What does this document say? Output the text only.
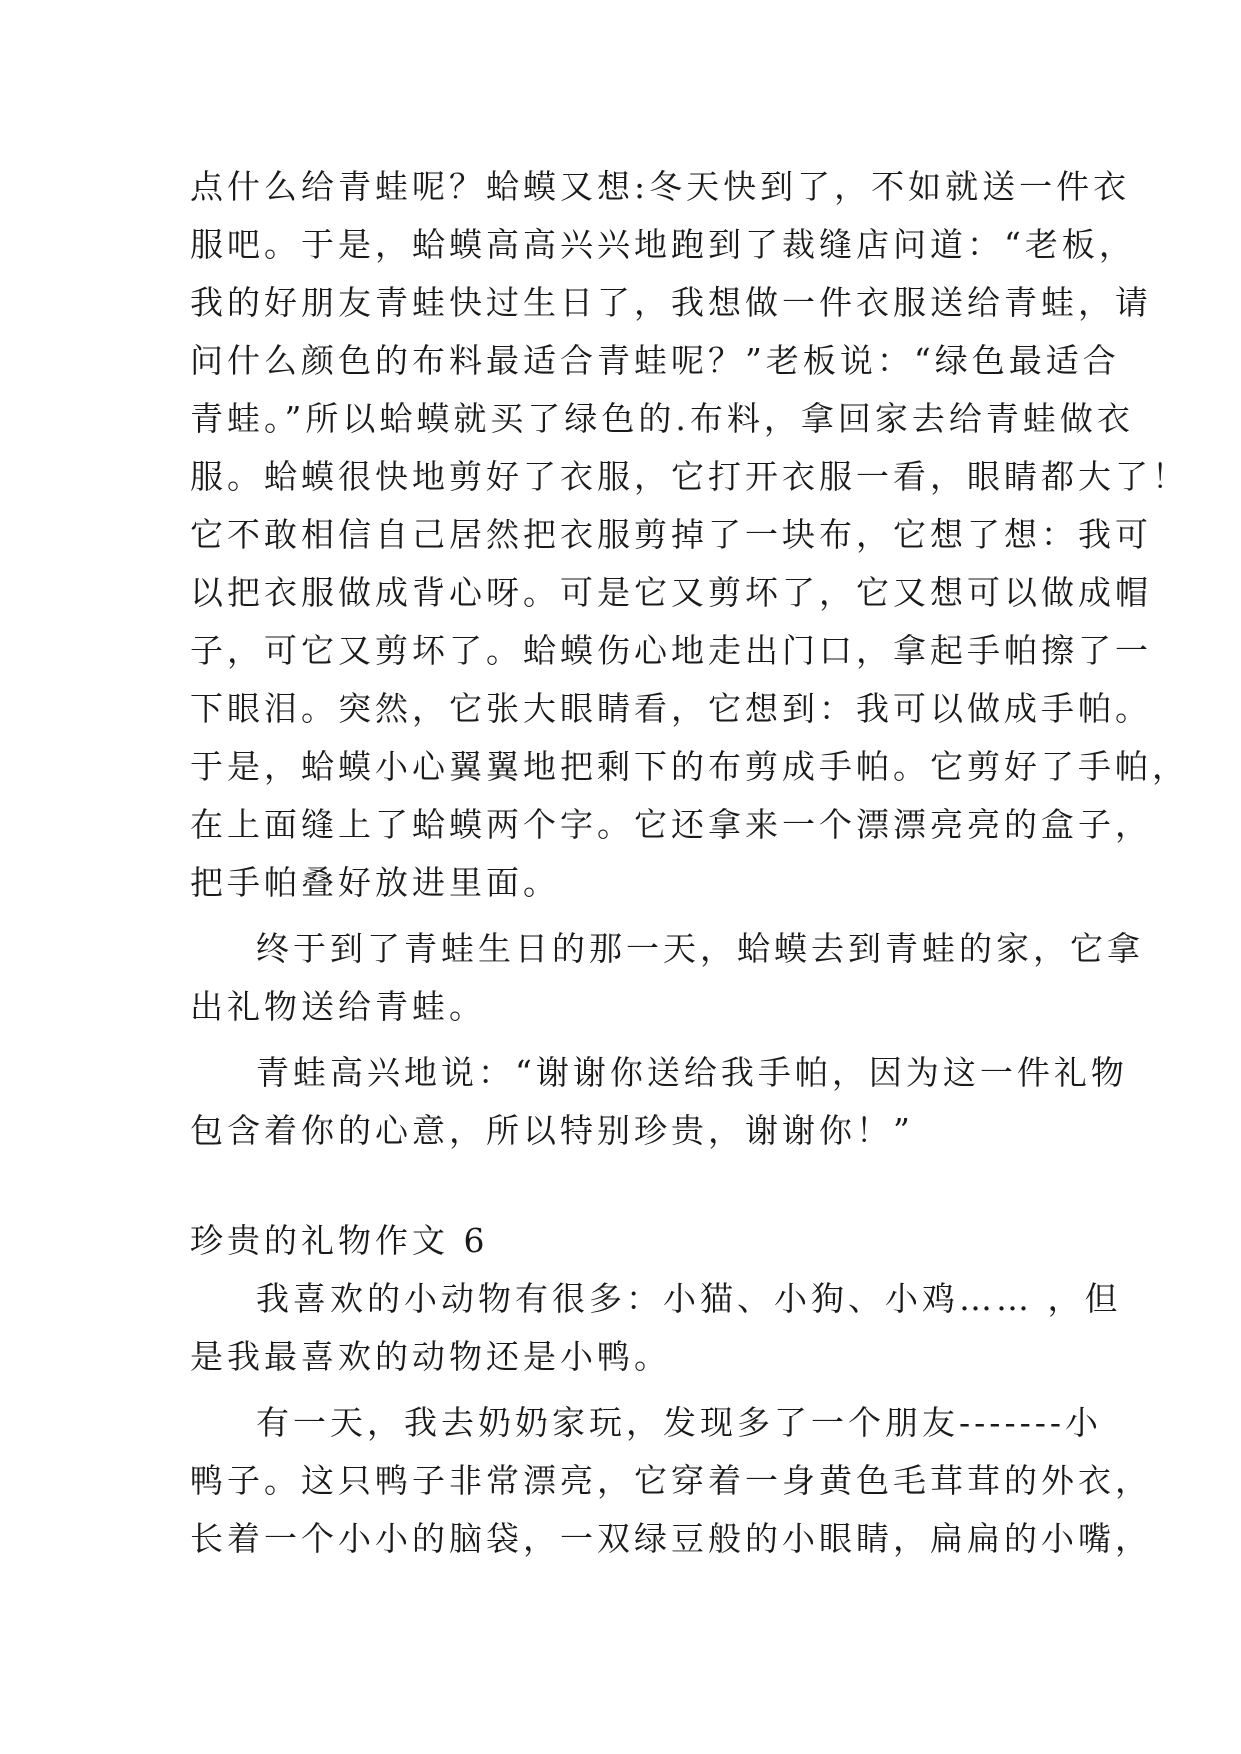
点什么给青蛙呢？蛤蟆又想:冬天快到了，不如就送一件衣
服吧。于是，蛤蟆高高兴兴地跑到了裁缝店问道：“老板，
我的好朋友青蛙快过生日了，我想做一件衣服送给青蛙，请
问什么颜色的布料最适合青蛙呢？”老板说：“绿色最适合
青蛙。”所以蛤蟆就买了绿色的.布料，拿回家去给青蛙做衣
服。蛤蟆很快地剪好了衣服，它打开衣服一看，眼睛都大了！
它不敢相信自己居然把衣服剪掉了一块布，它想了想：我可
以把衣服做成背心呀。可是它又剪坏了，它又想可以做成帽
子，可它又剪坏了。蛤蟆伤心地走出门口，拿起手帕擦了一
下眼泪。突然，它张大眼睛看，它想到：我可以做成手帕。
于是，蛤蟆小心翼翼地把剩下的布剪成手帕。它剪好了手帕，
在上面缝上了蛤蟆两个字。它还拿来一个漂漂亮亮的盒子，
把手帕叠好放进里面。
终于到了青蛙生日的那一天，蛤蟆去到青蛙的家，它拿
出礼物送给青蛙。
青蛙高兴地说：“谢谢你送给我手帕，因为这一件礼物
包含着你的心意，所以特别珍贵，谢谢你！”
珍贵的礼物作文 6
我喜欢的小动物有很多：小猫、小狗、小鸡…… ，但
是我最喜欢的动物还是小鸭。
有一天，我去奶奶家玩，发现多了一个朋友-------小
鸭子。这只鸭子非常漂亮，它穿着一身黄色毛茸茸的外衣，
长着一个小小的脑袋，一双绿豆般的小眼睛，扁扁的小嘴，
